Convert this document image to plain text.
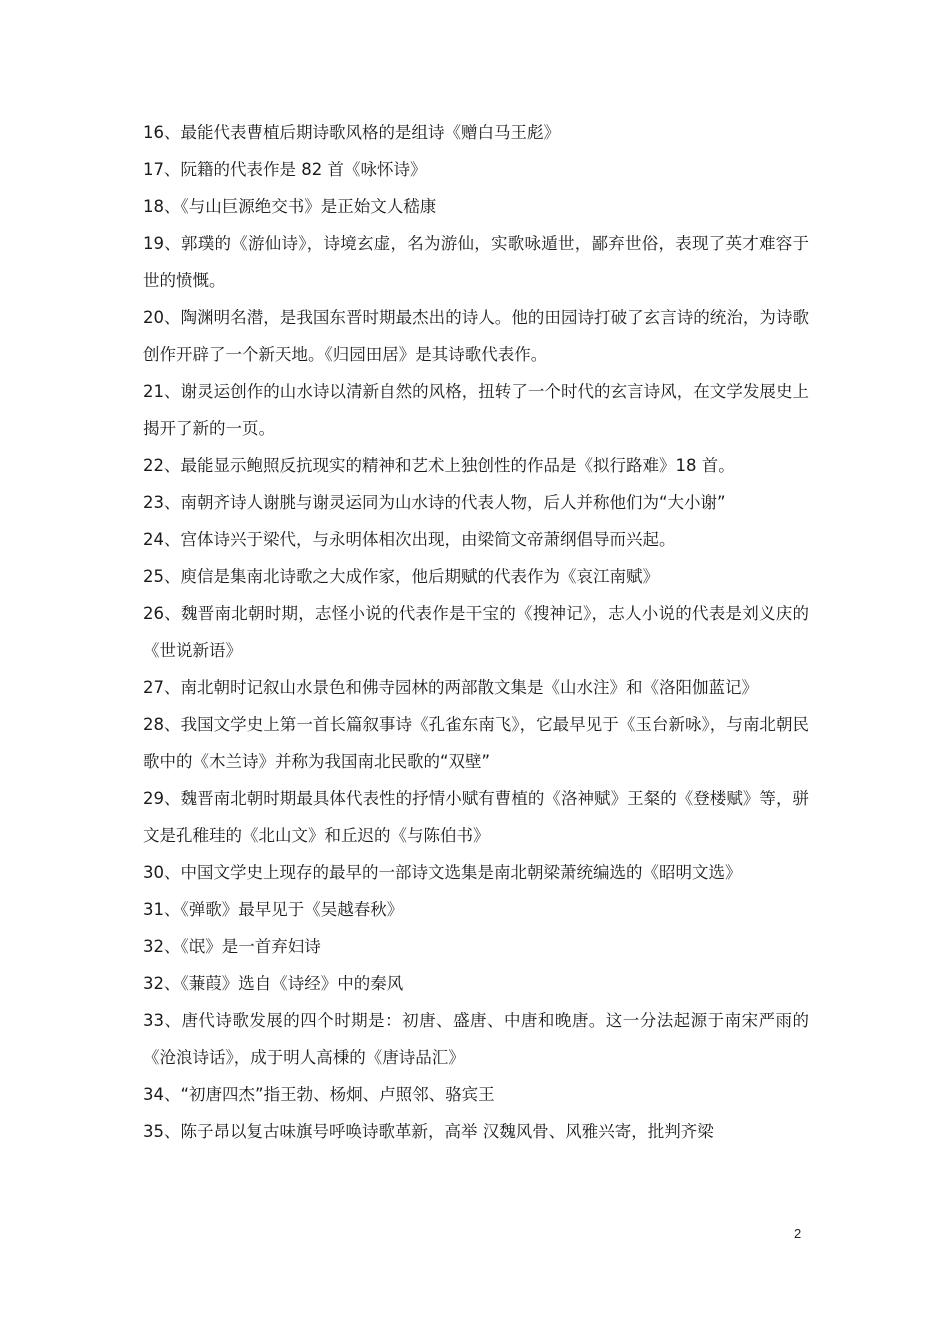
16、最能代表曹植后期诗歌风格的是组诗《赠白马王彪》

17、阮籍的代表作是 82 首《咏怀诗》

18、《与山巨源绝交书》是正始文人嵇康

19、郭璞的《游仙诗》，诗境玄虚，名为游仙，实歌咏遁世，鄙弃世俗，表现了英才难容于世的愤慨。

20、陶渊明名潜，是我国东晋时期最杰出的诗人。他的田园诗打破了玄言诗的统治，为诗歌创作开辟了一个新天地。《归园田居》是其诗歌代表作。

21、谢灵运创作的山水诗以清新自然的风格，扭转了一个时代的玄言诗风，在文学发展史上揭开了新的一页。

22、最能显示鲍照反抗现实的精神和艺术上独创性的作品是《拟行路难》18 首。

23、南朝齐诗人谢朓与谢灵运同为山水诗的代表人物，后人并称他们为“大小谢”

24、宫体诗兴于梁代，与永明体相次出现，由梁简文帝萧纲倡导而兴起。

25、庾信是集南北诗歌之大成作家，他后期赋的代表作为《哀江南赋》

26、魏晋南北朝时期，志怪小说的代表作是干宝的《搜神记》，志人小说的代表是刘义庆的《世说新语》

27、南北朝时记叙山水景色和佛寺园林的两部散文集是《山水注》和《洛阳伽蓝记》

28、我国文学史上第一首长篇叙事诗《孔雀东南飞》，它最早见于《玉台新咏》，与南北朝民歌中的《木兰诗》并称为我国南北民歌的“双壁”

29、魏晋南北朝时期最具体代表性的抒情小赋有曹植的《洛神赋》王粲的《登楼赋》等，骈文是孔稚珪的《北山文》和丘迟的《与陈伯书》

30、中国文学史上现存的最早的一部诗文选集是南北朝梁萧统编选的《昭明文选》

31、《弹歌》最早见于《吴越春秋》

32、《氓》是一首弃妇诗

32、《蒹葭》选自《诗经》中的秦风

33、唐代诗歌发展的四个时期是：初唐、盛唐、中唐和晚唐。这一分法起源于南宋严雨的《沧浪诗话》，成于明人高棅的《唐诗品汇》

34、“初唐四杰”指王勃、杨炯、卢照邻、骆宾王

35、陈子昂以复古味旗号呼唤诗歌革新，高举 汉魏风骨、风雅兴寄，批判齐梁

2
